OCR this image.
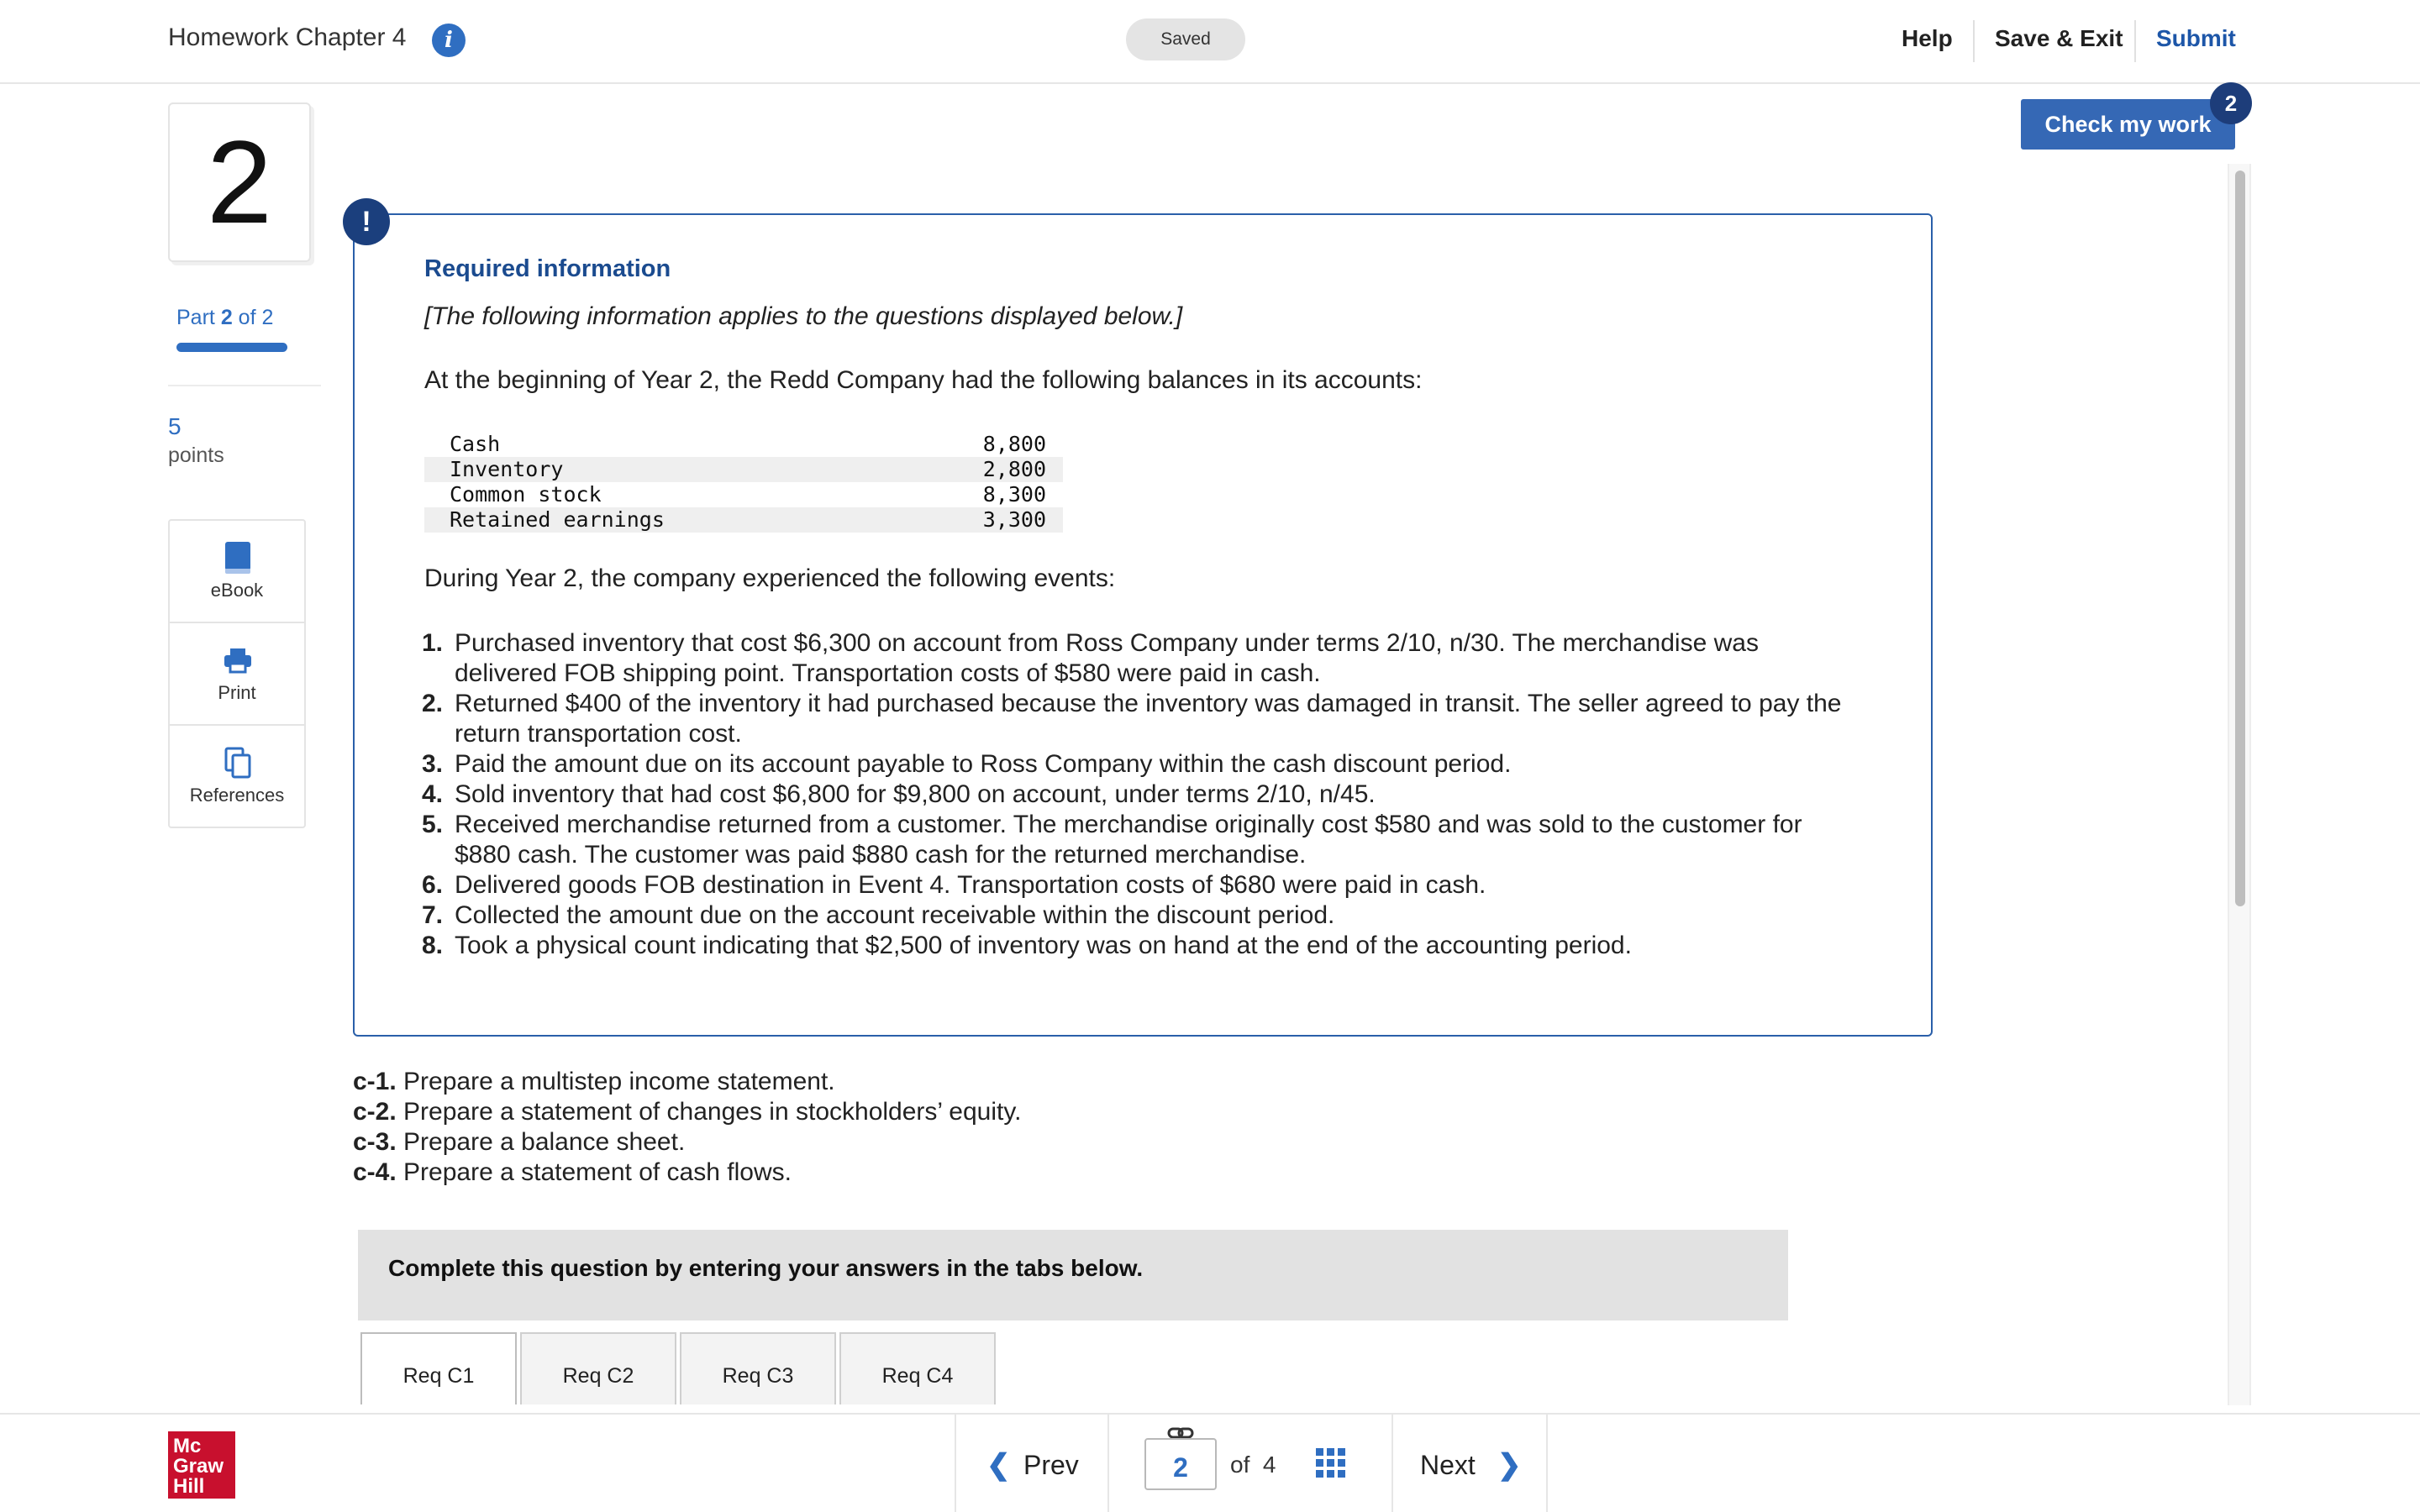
Homework Chapter 4	i	Saved	Help Save & Exit Submit
Check my work
2
2
Part 2 of 2
5
points
eBook
Print
References
!
Required information
[The following information applies to the questions displayed below.]
At the beginning of Year 2, the Redd Company had the following balances in its accounts:
Cash	8,800
Inventory	2,800
Common stock	8,300
Retained earnings	3,300
During Year 2, the company experienced the following events:
1. Purchased inventory that cost $6,300 on account from Ross Company under terms 2/10, n/30. The merchandise was delivered FOB shipping point. Transportation costs of $580 were paid in cash.
2. Returned $400 of the inventory it had purchased because the inventory was damaged in transit. The seller agreed to pay the return transportation cost.
3. Paid the amount due on its account payable to Ross Company within the cash discount period.
4. Sold inventory that had cost $6,800 for $9,800 on account, under terms 2/10, n/45.
5. Received merchandise returned from a customer. The merchandise originally cost $580 and was sold to the customer for $880 cash. The customer was paid $880 cash for the returned merchandise.
6. Delivered goods FOB destination in Event 4. Transportation costs of $680 were paid in cash.
7. Collected the amount due on the account receivable within the discount period.
8. Took a physical count indicating that $2,500 of inventory was on hand at the end of the accounting period.
c-1. Prepare a multistep income statement.
c-2. Prepare a statement of changes in stockholders’ equity.
c-3. Prepare a balance sheet.
c-4. Prepare a statement of cash flows.
Complete this question by entering your answers in the tabs below.
Req C1	Req C2	Req C3	Req C4
Mc
Graw
Hill
❮ Prev	2	of 4	Next ❯
